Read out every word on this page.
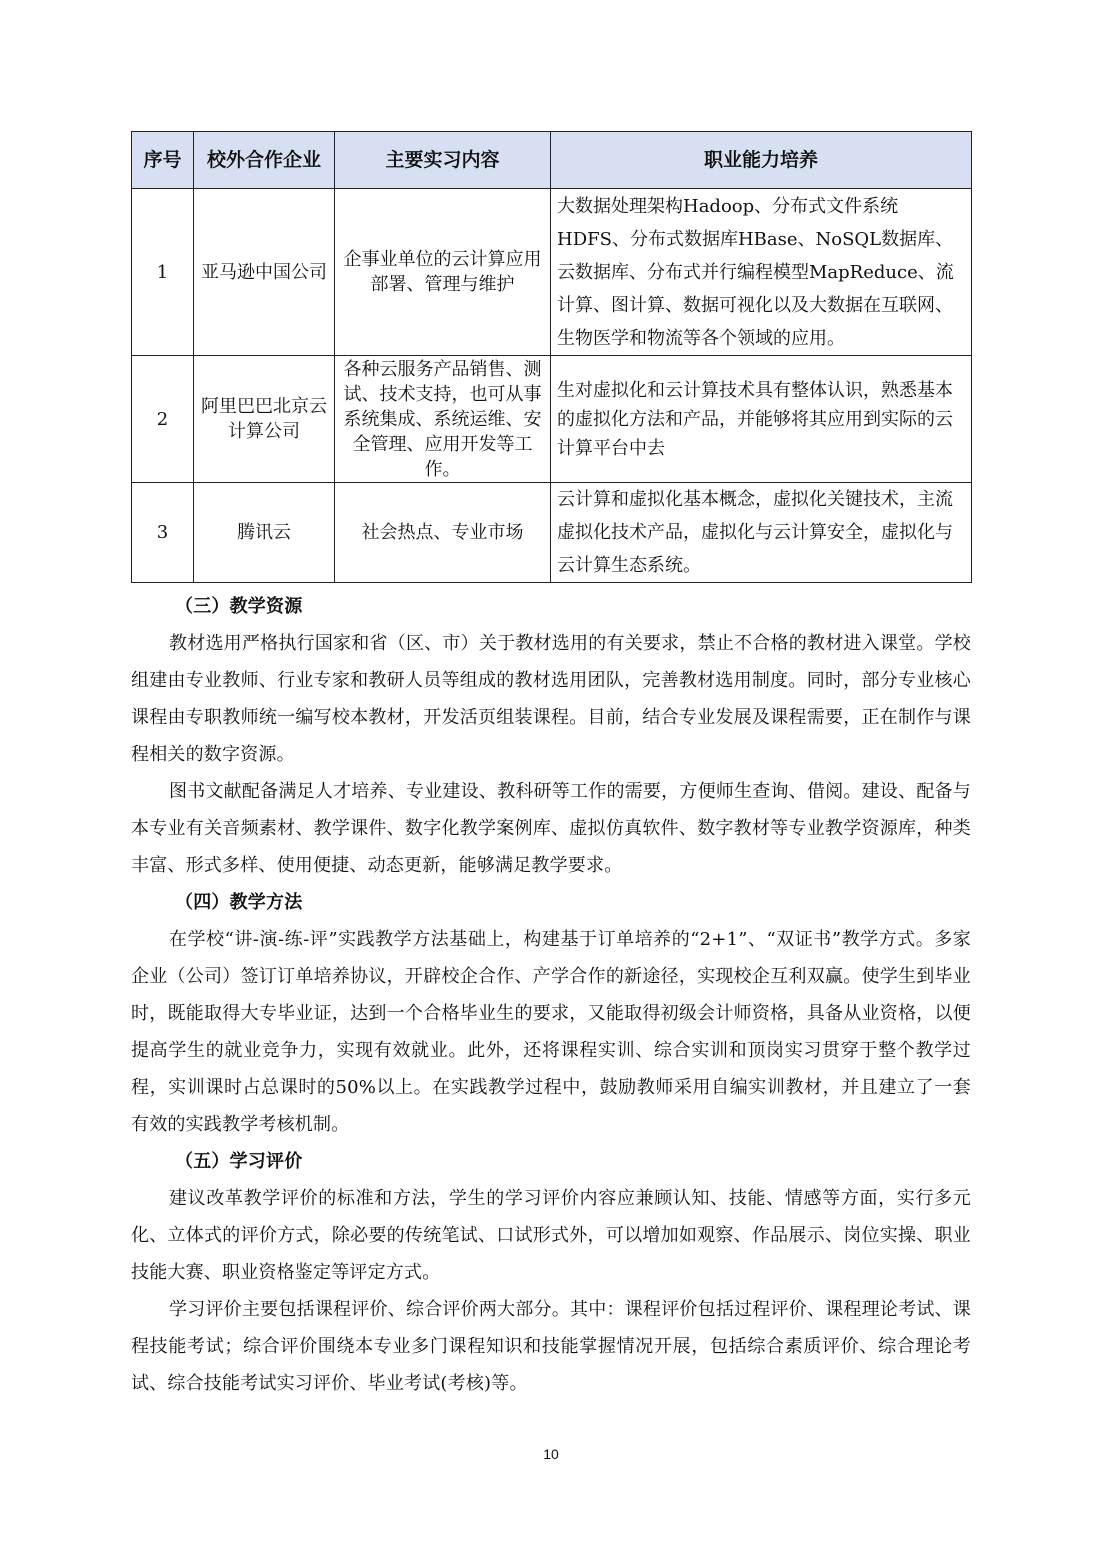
序号	校外合作企业	主要实习内容	职业能力培养
1	亚马逊中国公司	企事业单位的云计算应用部署、管理与维护	大数据处理架构Hadoop、分布式文件系统HDFS、分布式数据库HBase、NoSQL数据库、云数据库、分布式并行编程模型MapReduce、流计算、图计算、数据可视化以及大数据在互联网、生物医学和物流等各个领域的应用。
2	阿里巴巴北京云计算公司	各种云服务产品销售、测试、技术支持，也可从事系统集成、系统运维、安全管理、应用开发等工作。	生对虚拟化和云计算技术具有整体认识，熟悉基本的虚拟化方法和产品，并能够将其应用到实际的云计算平台中去
3	腾讯云	社会热点、专业市场	云计算和虚拟化基本概念，虚拟化关键技术，主流虚拟化技术产品，虚拟化与云计算安全，虚拟化与云计算生态系统。
（三）教学资源

教材选用严格执行国家和省（区、市）关于教材选用的有关要求，禁止不合格的教材进入课堂。学校组建由专业教师、行业专家和教研人员等组成的教材选用团队，完善教材选用制度。同时，部分专业核心课程由专职教师统一编写校本教材，开发活页组装课程。目前，结合专业发展及课程需要，正在制作与课程相关的数字资源。

图书文献配备满足人才培养、专业建设、教科研等工作的需要，方便师生查询、借阅。建设、配备与本专业有关音频素材、教学课件、数字化教学案例库、虚拟仿真软件、数字教材等专业教学资源库，种类丰富、形式多样、使用便捷、动态更新，能够满足教学要求。

（四）教学方法

在学校“讲-演-练-评”实践教学方法基础上，构建基于订单培养的“2+1”、“双证书”教学方式。多家企业（公司）签订订单培养协议，开辟校企合作、产学合作的新途径，实现校企互利双赢。使学生到毕业时，既能取得大专毕业证，达到一个合格毕业生的要求，又能取得初级会计师资格，具备从业资格，以便提高学生的就业竞争力，实现有效就业。此外，还将课程实训、综合实训和顶岗实习贯穿于整个教学过程，实训课时占总课时的50%以上。在实践教学过程中，鼓励教师采用自编实训教材，并且建立了一套有效的实践教学考核机制。

（五）学习评价

建议改革教学评价的标准和方法，学生的学习评价内容应兼顾认知、技能、情感等方面，实行多元化、立体式的评价方式，除必要的传统笔试、口试形式外，可以增加如观察、作品展示、岗位实操、职业技能大赛、职业资格鉴定等评定方式。

学习评价主要包括课程评价、综合评价两大部分。其中：课程评价包括过程评价、课程理论考试、课程技能考试；综合评价围绕本专业多门课程知识和技能掌握情况开展，包括综合素质评价、综合理论考试、综合技能考试实习评价、毕业考试(考核)等。

10
